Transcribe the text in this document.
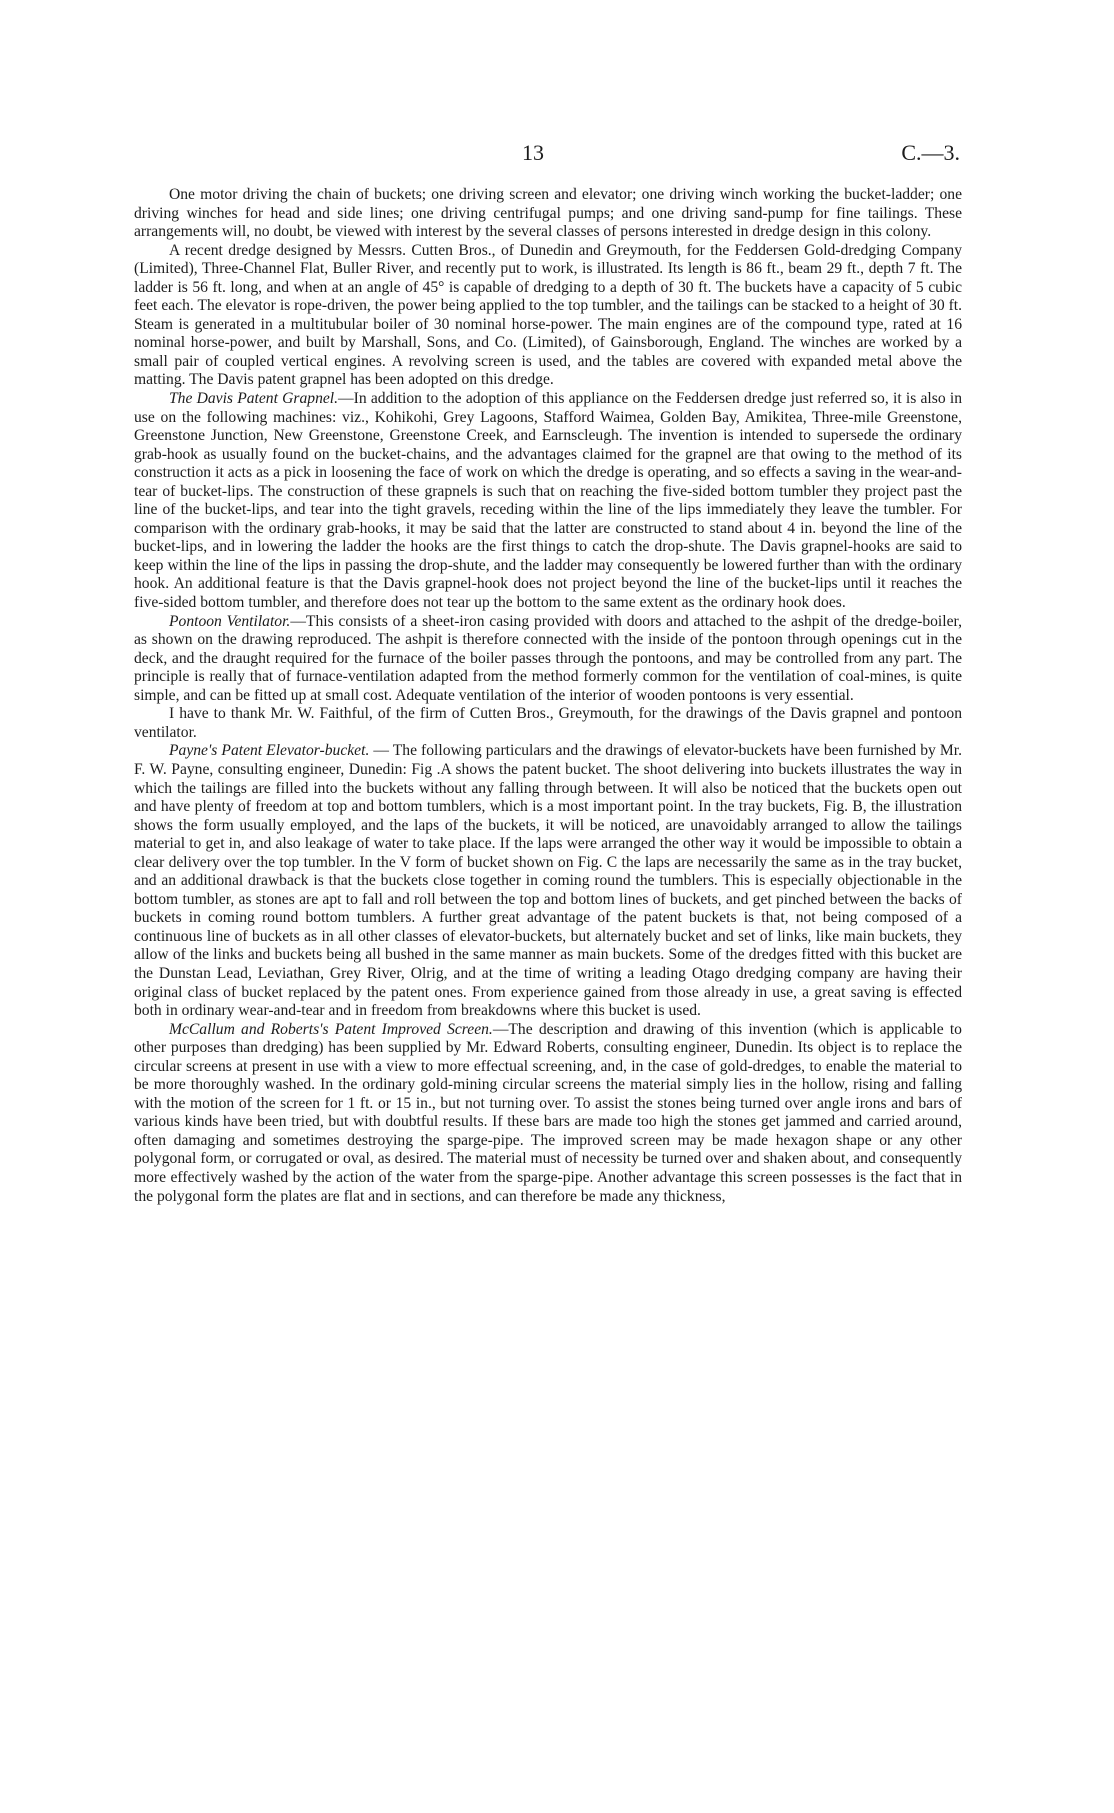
13	C.—3.

One motor driving the chain of buckets; one driving screen and elevator; one driving winch working the bucket-ladder; one driving winches for head and side lines; one driving centrifugal pumps; and one driving sand-pump for fine tailings. These arrangements will, no doubt, be viewed with interest by the several classes of persons interested in dredge design in this colony.

A recent dredge designed by Messrs. Cutten Bros., of Dunedin and Greymouth, for the Feddersen Gold-dredging Company (Limited), Three-Channel Flat, Buller River, and recently put to work, is illustrated. Its length is 86 ft., beam 29 ft., depth 7 ft. The ladder is 56 ft. long, and when at an angle of 45° is capable of dredging to a depth of 30 ft. The buckets have a capacity of 5 cubic feet each. The elevator is rope-driven, the power being applied to the top tumbler, and the tailings can be stacked to a height of 30 ft. Steam is generated in a multitubular boiler of 30 nominal horse-power. The main engines are of the compound type, rated at 16 nominal horse-power, and built by Marshall, Sons, and Co. (Limited), of Gainsborough, England. The winches are worked by a small pair of coupled vertical engines. A revolving screen is used, and the tables are covered with expanded metal above the matting. The Davis patent grapnel has been adopted on this dredge.

The Davis Patent Grapnel.—In addition to the adoption of this appliance on the Feddersen dredge just referred so, it is also in use on the following machines: viz., Kohikohi, Grey Lagoons, Stafford Waimea, Golden Bay, Amikitea, Three-mile Greenstone, Greenstone Junction, New Greenstone, Greenstone Creek, and Earnscleugh. The invention is intended to supersede the ordinary grab-hook as usually found on the bucket-chains, and the advantages claimed for the grapnel are that owing to the method of its construction it acts as a pick in loosening the face of work on which the dredge is operating, and so effects a saving in the wear-and-tear of bucket-lips. The construction of these grapnels is such that on reaching the five-sided bottom tumbler they project past the line of the bucket-lips, and tear into the tight gravels, receding within the line of the lips immediately they leave the tumbler. For comparison with the ordinary grab-hooks, it may be said that the latter are constructed to stand about 4 in. beyond the line of the bucket-lips, and in lowering the ladder the hooks are the first things to catch the drop-shute. The Davis grapnel-hooks are said to keep within the line of the lips in passing the drop-shute, and the ladder may consequently be lowered further than with the ordinary hook. An additional feature is that the Davis grapnel-hook does not project beyond the line of the bucket-lips until it reaches the five-sided bottom tumbler, and therefore does not tear up the bottom to the same extent as the ordinary hook does.

Pontoon Ventilator.—This consists of a sheet-iron casing provided with doors and attached to the ashpit of the dredge-boiler, as shown on the drawing reproduced. The ashpit is therefore connected with the inside of the pontoon through openings cut in the deck, and the draught required for the furnace of the boiler passes through the pontoons, and may be controlled from any part. The principle is really that of furnace-ventilation adapted from the method formerly common for the ventilation of coal-mines, is quite simple, and can be fitted up at small cost. Adequate ventilation of the interior of wooden pontoons is very essential.

I have to thank Mr. W. Faithful, of the firm of Cutten Bros., Greymouth, for the drawings of the Davis grapnel and pontoon ventilator.

Payne's Patent Elevator-bucket. — The following particulars and the drawings of elevator-buckets have been furnished by Mr. F. W. Payne, consulting engineer, Dunedin: Fig .A shows the patent bucket. The shoot delivering into buckets illustrates the way in which the tailings are filled into the buckets without any falling through between. It will also be noticed that the buckets open out and have plenty of freedom at top and bottom tumblers, which is a most important point. In the tray buckets, Fig. B, the illustration shows the form usually employed, and the laps of the buckets, it will be noticed, are unavoidably arranged to allow the tailings material to get in, and also leakage of water to take place. If the laps were arranged the other way it would be impossible to obtain a clear delivery over the top tumbler. In the V form of bucket shown on Fig. C the laps are necessarily the same as in the tray bucket, and an additional drawback is that the buckets close together in coming round the tumblers. This is especially objectionable in the bottom tumbler, as stones are apt to fall and roll between the top and bottom lines of buckets, and get pinched between the backs of buckets in coming round bottom tumblers. A further great advantage of the patent buckets is that, not being composed of a continuous line of buckets as in all other classes of elevator-buckets, but alternately bucket and set of links, like main buckets, they allow of the links and buckets being all bushed in the same manner as main buckets. Some of the dredges fitted with this bucket are the Dunstan Lead, Leviathan, Grey River, Olrig, and at the time of writing a leading Otago dredging company are having their original class of bucket replaced by the patent ones. From experience gained from those already in use, a great saving is effected both in ordinary wear-and-tear and in freedom from breakdowns where this bucket is used.

McCallum and Roberts's Patent Improved Screen.—The description and drawing of this invention (which is applicable to other purposes than dredging) has been supplied by Mr. Edward Roberts, consulting engineer, Dunedin. Its object is to replace the circular screens at present in use with a view to more effectual screening, and, in the case of gold-dredges, to enable the material to be more thoroughly washed. In the ordinary gold-mining circular screens the material simply lies in the hollow, rising and falling with the motion of the screen for 1 ft. or 15 in., but not turning over. To assist the stones being turned over angle irons and bars of various kinds have been tried, but with doubtful results. If these bars are made too high the stones get jammed and carried around, often damaging and sometimes destroying the sparge-pipe. The improved screen may be made hexagon shape or any other polygonal form, or corrugated or oval, as desired. The material must of necessity be turned over and shaken about, and consequently more effectively washed by the action of the water from the sparge-pipe. Another advantage this screen possesses is the fact that in the polygonal form the plates are flat and in sections, and can therefore be made any thickness,
